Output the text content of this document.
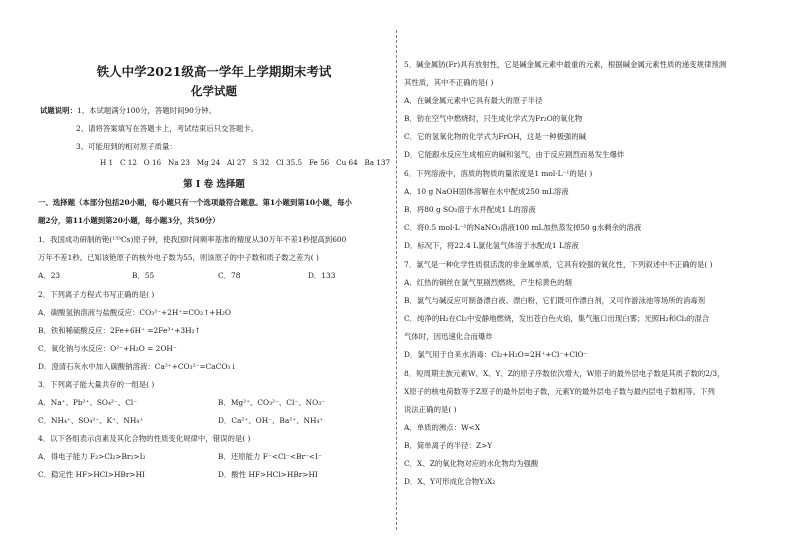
铁人中学2021级高一学年上学期期末考试
化学试题
试题说明：1、本试题满分100分，答题时间90分钟。
2、请将答案填写在答题卡上，考试结束后只交答题卡。
3、可能用到的相对原子质量：
H 1   C 12   O 16   Na 23   Mg 24   Al 27   S 32   Cl 35.5   Fe 56   Cu 64   Ba 137
第 Ⅰ 卷 选择题
一、选择题（本部分包括20小题，每小题只有一个选项最符合题意。第1小题到第10小题，每小
题2分，第11小题到第20小题，每小题3分，共50分）
1．我国成功研制的铯(¹³³Cs)原子钟，使我国时间频率基准的精度从30万年不差1秒提高到600
万年不差1秒。已知该铯原子的核外电子数为55，则该原子的中子数和质子数之差为( )
A．23	B．55	C．78	D．133
2．下列离子方程式书写正确的是( )
A．碳酸氢钠溶液与盐酸反应：CO₃²⁻+2H⁺=CO₂↑+H₂O
B．铁和稀硫酸反应：2Fe+6H⁺ =2Fe³⁺+3H₂↑
C．氧化钠与水反应：O²⁻+H₂O = 2OH⁻
D．澄清石灰水中加入碳酸钠溶液：Ca²⁺+CO₃²⁻=CaCO₃↓
3．下列离子能大量共存的一组是( )
A．Na⁺、Pb²⁺、SO₄²⁻、Cl⁻	B．Mg²⁺、CO₃²⁻、Cl⁻、NO₃⁻
C．NH₄⁺、SO₄²⁻、K⁺、NH₄⁺	D．Ca²⁺、OH⁻、Ba²⁺、NH₄⁺
4．以下各组表示卤素及其化合物的性质变化规律中，错误的是( )
A．得电子能力 F₂>Cl₂>Br₂>I₂	B．还原能力 F⁻<Cl⁻<Br⁻<I⁻
C．稳定性 HF>HCl>HBr>HI	D．酸性 HF>HCl>HBr>HI
5．碱金属钫(Fr)具有放射性，它是碱金属元素中最重的元素，根据碱金属元素性质的递变规律预测
其性质，其中不正确的是( )
A．在碱金属元素中它具有最大的原子半径
B．钫在空气中燃烧时，只生成化学式为Fr₂O的氧化物
C．它的氢氧化物的化学式为FrOH，这是一种极强的碱
D．它能跟水反应生成相应的碱和氢气，由于反应剧烈而易发生爆炸
6．下列溶液中，溶质的物质的量浓度是1 mol·L⁻¹的是( )
A．10 g NaOH固体溶解在水中配成250 mL溶液
B．将80 g SO₃溶于水并配成1 L的溶液
C．将0.5 mol·L⁻¹的NaNO₃溶液100 mL加热蒸发掉50 g水剩余的溶液
D．标况下，将22.4 L氯化氢气体溶于水配成1 L溶液
7．氯气是一种化学性质很活泼的非金属单质，它具有较强的氧化性，下列叙述中不正确的是( )
A．红热的铜丝在氯气里剧烈燃烧，产生棕黄色的烟
B．氯气与碱反应可制备漂白液、漂白粉，它们既可作漂白剂，又可作游泳池等场所的消毒剂
C．纯净的H₂在Cl₂中安静地燃烧，发出苍白色火焰，集气瓶口出现白雾；光照H₂和Cl₂的混合
气体时，因迅速化合而爆炸
D．氯气用于自来水消毒：Cl₂+H₂O=2H⁺+Cl⁻+ClO⁻
8．短周期主族元素W、X、Y、Z的原子序数依次增大，W原子的最外层电子数是其质子数的2/3，
X原子的核电荷数等于Z原子的最外层电子数，元素Y的最外层电子数与最内层电子数相等。下列
说法正确的是( )
A．单质的沸点：W<X
B．简单离子的半径：Z>Y
C．X、Z的氧化物对应的水化物均为强酸
D．X、Y可形成化合物Y₃X₂
